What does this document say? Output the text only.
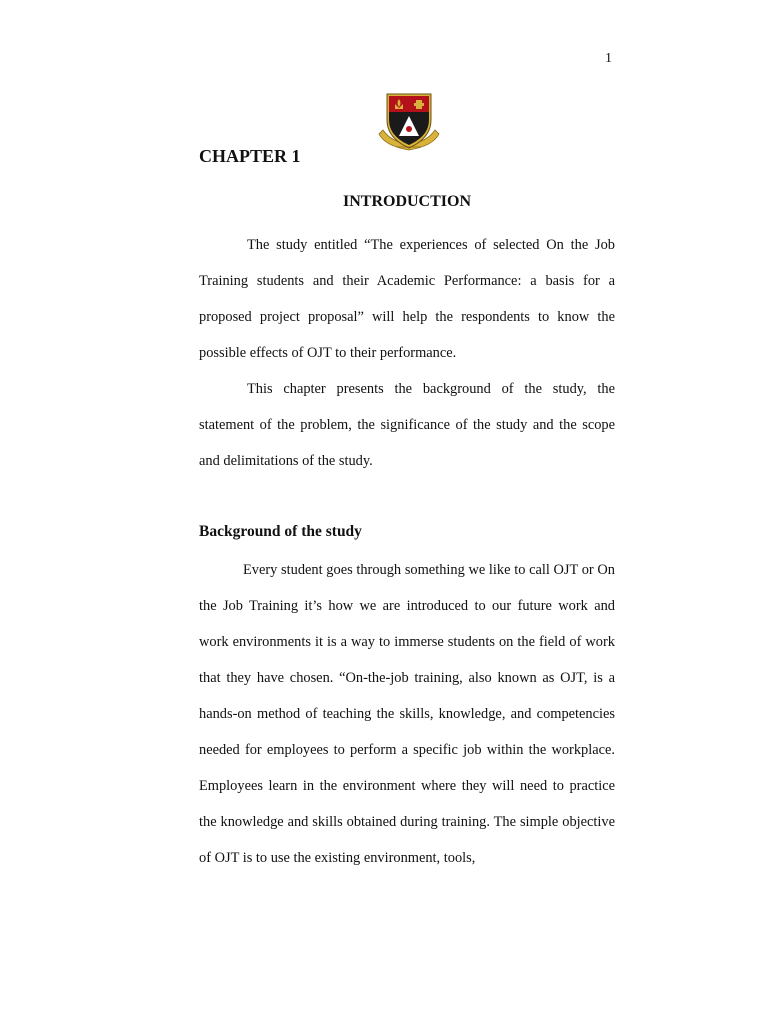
1
CHAPTER 1
INTRODUCTION

The study entitled “The experiences of selected On the Job Training students and their Academic Performance: a basis for a proposed project proposal” will help the respondents to know the possible effects of OJT to their performance.

This chapter presents the background of the study, the statement of the problem, the significance of the study and the scope and delimitations of the study.

Background of the study

Every student goes through something we like to call OJT or On the Job Training it’s how we are introduced to our future work and work environments it is a way to immerse students on the field of work that they have chosen. “On-the-job training, also known as OJT, is a hands-on method of teaching the skills, knowledge, and competencies needed for employees to perform a specific job within the workplace. Employees learn in the environment where they will need to practice the knowledge and skills obtained during training. The simple objective of OJT is to use the existing environment, tools,
